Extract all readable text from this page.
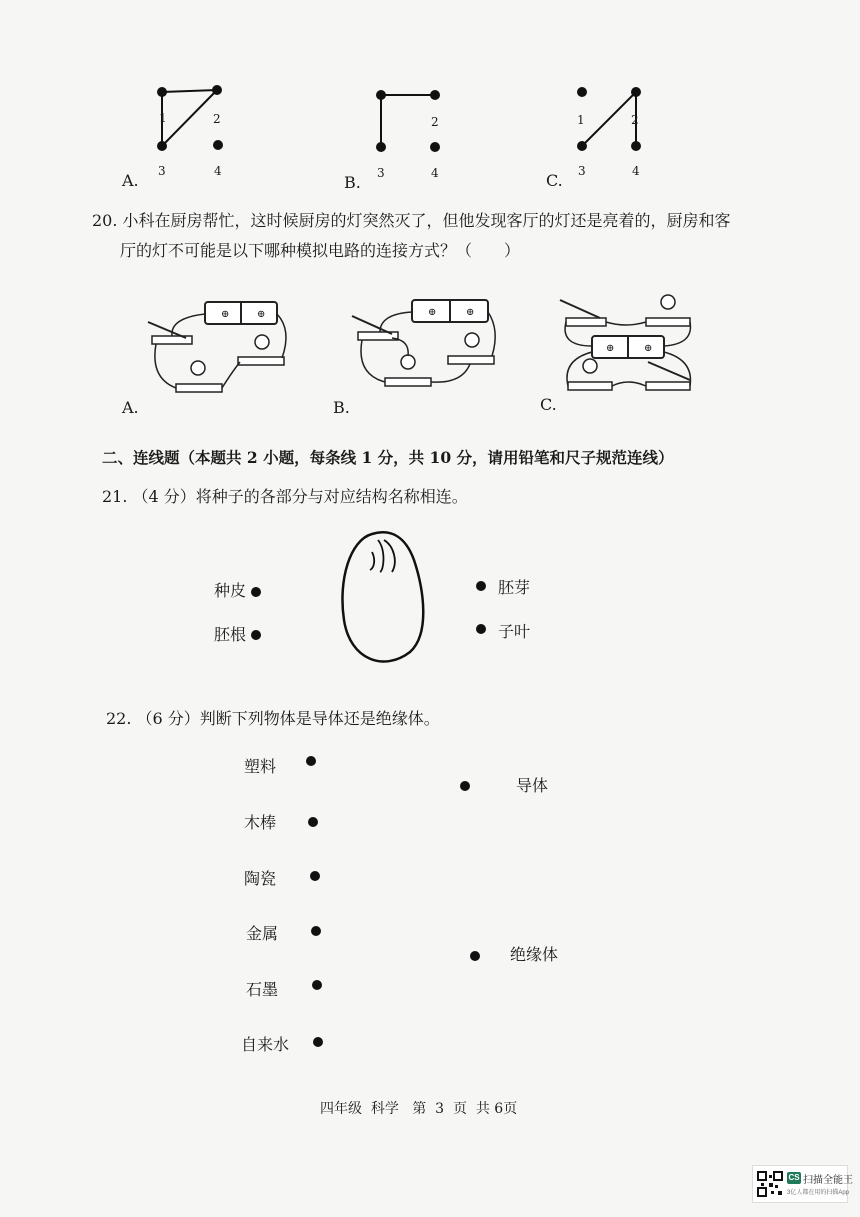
A.
1	2
3	4
B.
2
3	4	C.
1	2
3	4
20. 小科在厨房帮忙，这时候厨房的灯突然灭了，但他发现客厅的灯还是亮着的，厨房和客
厅的灯不可能是以下哪种模拟电路的连接方式？（　　）
⊕	⊕
A.
⊕	⊕
B.
⊕	⊕
C.
二、连线题（本题共 2 小题，每条线 1 分，共 10 分，请用铅笔和尺子规范连线）
21. （4 分）将种子的各部分与对应结构名称相连。
种皮
胚根
胚芽
子叶
22. （6 分）判断下列物体是导体还是绝缘体。
塑料
木棒
陶瓷
金属
石墨
自来水
导体
绝缘体
四年级  科学   第  3  页  共 6页
CS 扫描全能王
3亿人都在用的扫描App
